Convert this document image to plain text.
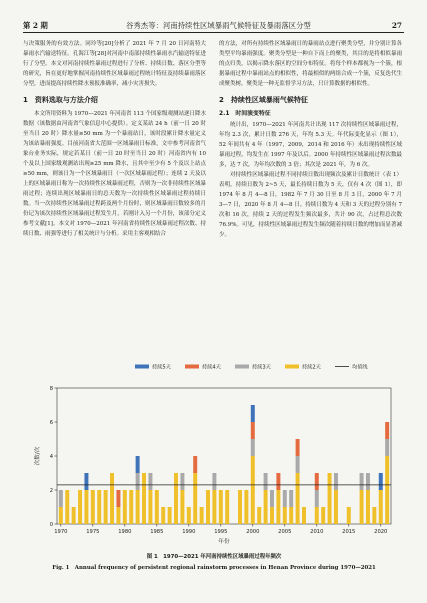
第 2 期	谷秀杰等：河南持续性区域暴雨气候特征及暴雨落区分型	27

与决策服务的有效方法。同玲等[20]分析了 2021 年 7 月 20 日河南特大暴雨水汽输送特征。孔海江等[28]对河南中南部持续性暴雨水汽输送特征进行了分型。本文对河南持续性暴雨过程进行了分析、持续日数、落区分型等的研究，旨在更好地掌握河南持续性区域暴雨过程统计特征及持续暴雨落区分型，进而提高持续性降水预报准确率，减小灾害损失。

1　资料选取与方法介绍

本文所用资料为 1970—2021 年河南省 113 个国家级观测站逐日降水数据（该数据由河南省气象信息中心提供）。定义某站 24 h（前一日 20 时至当日 20 时）降水量≥50 mm 为一个暴雨站日，该时段累计降水量定义为该站暴雨强度。目前河南省大范围一区域暴雨日标准，文中参考河南省气象台业务实际，规定若某日（前一日 20 时至当日 20 时）河南省内有 10 个及以上国家级观测站出现≥25 mm 降水，且其中至少有 5 个及以上站点≥50 mm，则该日为一个区域暴雨日（一次区域暴雨过程）；连续 2 天及以上的区域暴雨日称为一次持续性区域暴雨过程，否则为一次非持续性区域暴雨过程；连续出现区域暴雨日的总天数为一次持续性区域暴雨过程持续日数。当一次持续性区域暴雨过程跨及两个月份时，则区域暴雨日数较多的月份记为该次持续性区域暴雨过程发生月，若刚计入另一个月份，该部分定义参考文献[1]。本文对 1970—2021 年河南省持续性区域暴雨过程次数、持续日数、雨强等进行了相关统计与分析。采用主客观相结合

的方法，对所有持续性区域暴雨日的暴雨站点进行聚类分型，并分别计算各类型平均暴雨强度。聚类分型是一种自下而上的聚类，其目的是将相似暴雨的点归类，以揭示降水落区的空间分布特征。将每个样本都视为一个簇，根据暴雨过程中暴雨站点的相似性，将最相似的两组合成一个簇，反复迭代生成聚类树，聚类是一种无监督学习方法，只计算数据的相似性。

2　持续性区域暴雨气候特征
2.1　时间演变特征

统计出，1970—2021 年河南共计出现 117 次持续性区域暴雨过程，年均 2.3 次，累计日数 276 天，年均 5.3 天。年代际变化显示（图 1），52 年间共有 4 年（1997，2009，2014 和 2016 年）未出现持续性区域暴雨过程，均发生在 1997 年及以后。2000 年持续性区域暴雨过程次数最多，达 7 次，为年均次数的 3 倍；其次是 2021 年，为 6 次。

对持续性区域暴雨过程不同持续日数出现频次及累计日数统计（表 1）表明，持续日数为 2~5 天，最长持续日数为 5 天，仅有 4 次（图 1），即 1974 年 8 月 4—8 日，1982 年 7 月 30 日至 8 月 3 日，2000 年 7 月 3—7 日，2020 年 8 月 4—8 日。持续日数为 4 天和 3 天的过程分别有 7 次和 16 次，持续 2 天的过程发生频次最多，共计 90 次，占过程总次数 76.9%。可见，持续性区域暴雨过程发生频次随着持续日数的增加而显著减少。

0
2
4
6
8
1970	1975	1980	1985	1990	1995	2000	2005	2010	2015	2020
年份
次数/次
持续5天	持续4天	持续3天	持续2天	均值线
图 1　1970—2021 年河南持续性区域暴雨过程年频次
Fig. 1　Annual frequency of persistent regional rainstorm processes in Henan Province during 1970—2021
